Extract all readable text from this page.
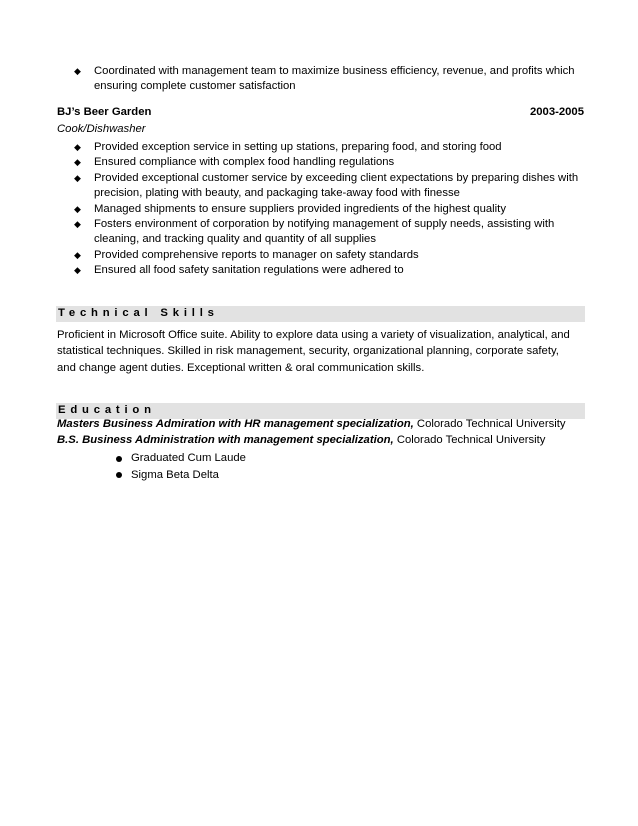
◆ Coordinated with management team to maximize business efficiency, revenue, and profits which ensuring complete customer satisfaction
BJ’s Beer Garden	2003-2005
Cook/Dishwasher
◆ Provided exception service in setting up stations, preparing food, and storing food
◆ Ensured compliance with complex food handling regulations
◆ Provided exceptional customer service by exceeding client expectations by preparing dishes with precision, plating with beauty, and packaging take-away food with finesse
◆ Managed shipments to ensure suppliers provided ingredients of the highest quality
◆ Fosters environment of corporation by notifying management of supply needs, assisting with cleaning, and tracking quality and quantity of all supplies
◆ Provided comprehensive reports to manager on safety standards
◆ Ensured all food safety sanitation regulations were adhered to
Technical Skills
Proficient in Microsoft Office suite. Ability to explore data using a variety of visualization, analytical, and statistical techniques. Skilled in risk management, security, organizational planning, corporate safety, and change agent duties. Exceptional written & oral communication skills.
Education
Masters Business Admiration with HR management specialization, Colorado Technical University
B.S. Business Administration with management specialization, Colorado Technical University
Graduated Cum Laude
Sigma Beta Delta
